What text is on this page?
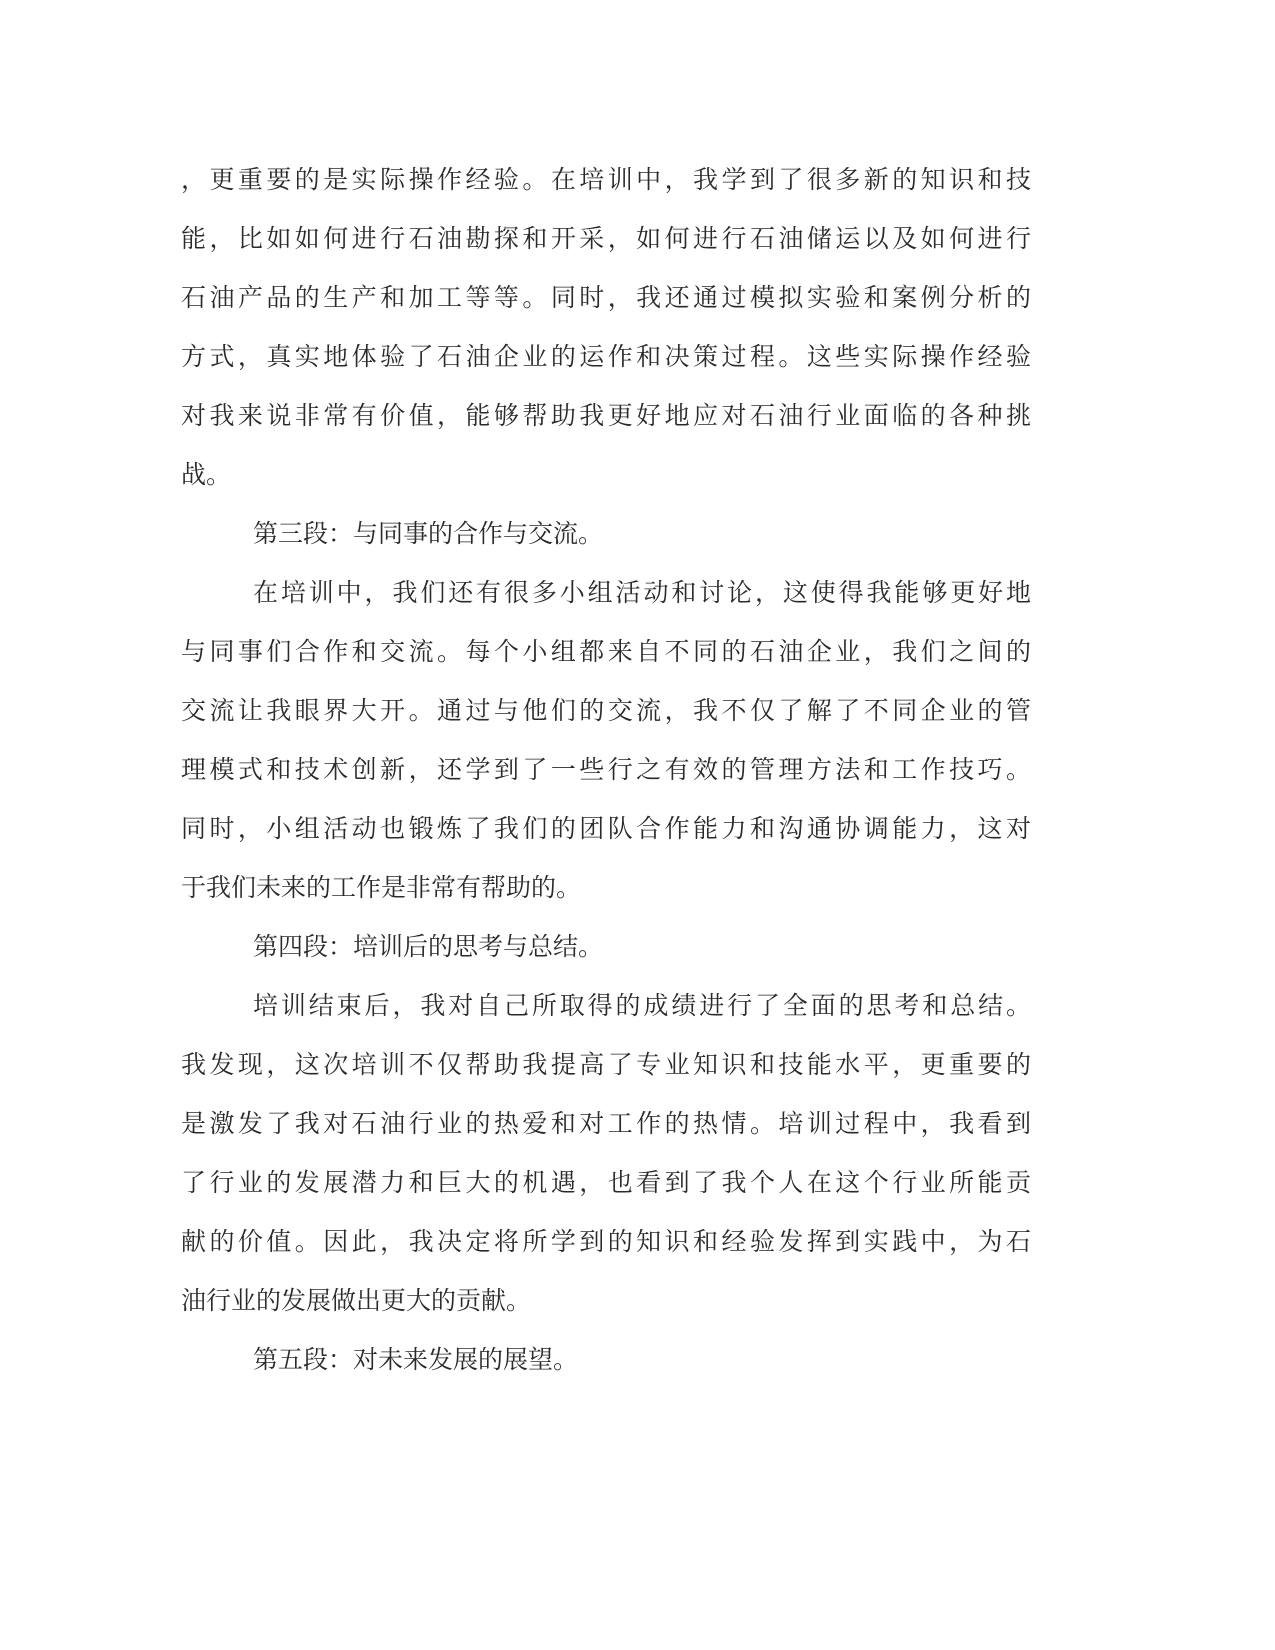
，更重要的是实际操作经验。在培训中，我学到了很多新的知识和技
能，比如如何进行石油勘探和开采，如何进行石油储运以及如何进行
石油产品的生产和加工等等。同时，我还通过模拟实验和案例分析的
方式，真实地体验了石油企业的运作和决策过程。这些实际操作经验
对我来说非常有价值，能够帮助我更好地应对石油行业面临的各种挑
战。
第三段：与同事的合作与交流。
在培训中，我们还有很多小组活动和讨论，这使得我能够更好地
与同事们合作和交流。每个小组都来自不同的石油企业，我们之间的
交流让我眼界大开。通过与他们的交流，我不仅了解了不同企业的管
理模式和技术创新，还学到了一些行之有效的管理方法和工作技巧。
同时，小组活动也锻炼了我们的团队合作能力和沟通协调能力，这对
于我们未来的工作是非常有帮助的。
第四段：培训后的思考与总结。
培训结束后，我对自己所取得的成绩进行了全面的思考和总结。
我发现，这次培训不仅帮助我提高了专业知识和技能水平，更重要的
是激发了我对石油行业的热爱和对工作的热情。培训过程中，我看到
了行业的发展潜力和巨大的机遇，也看到了我个人在这个行业所能贡
献的价值。因此，我决定将所学到的知识和经验发挥到实践中，为石
油行业的发展做出更大的贡献。
第五段：对未来发展的展望。
